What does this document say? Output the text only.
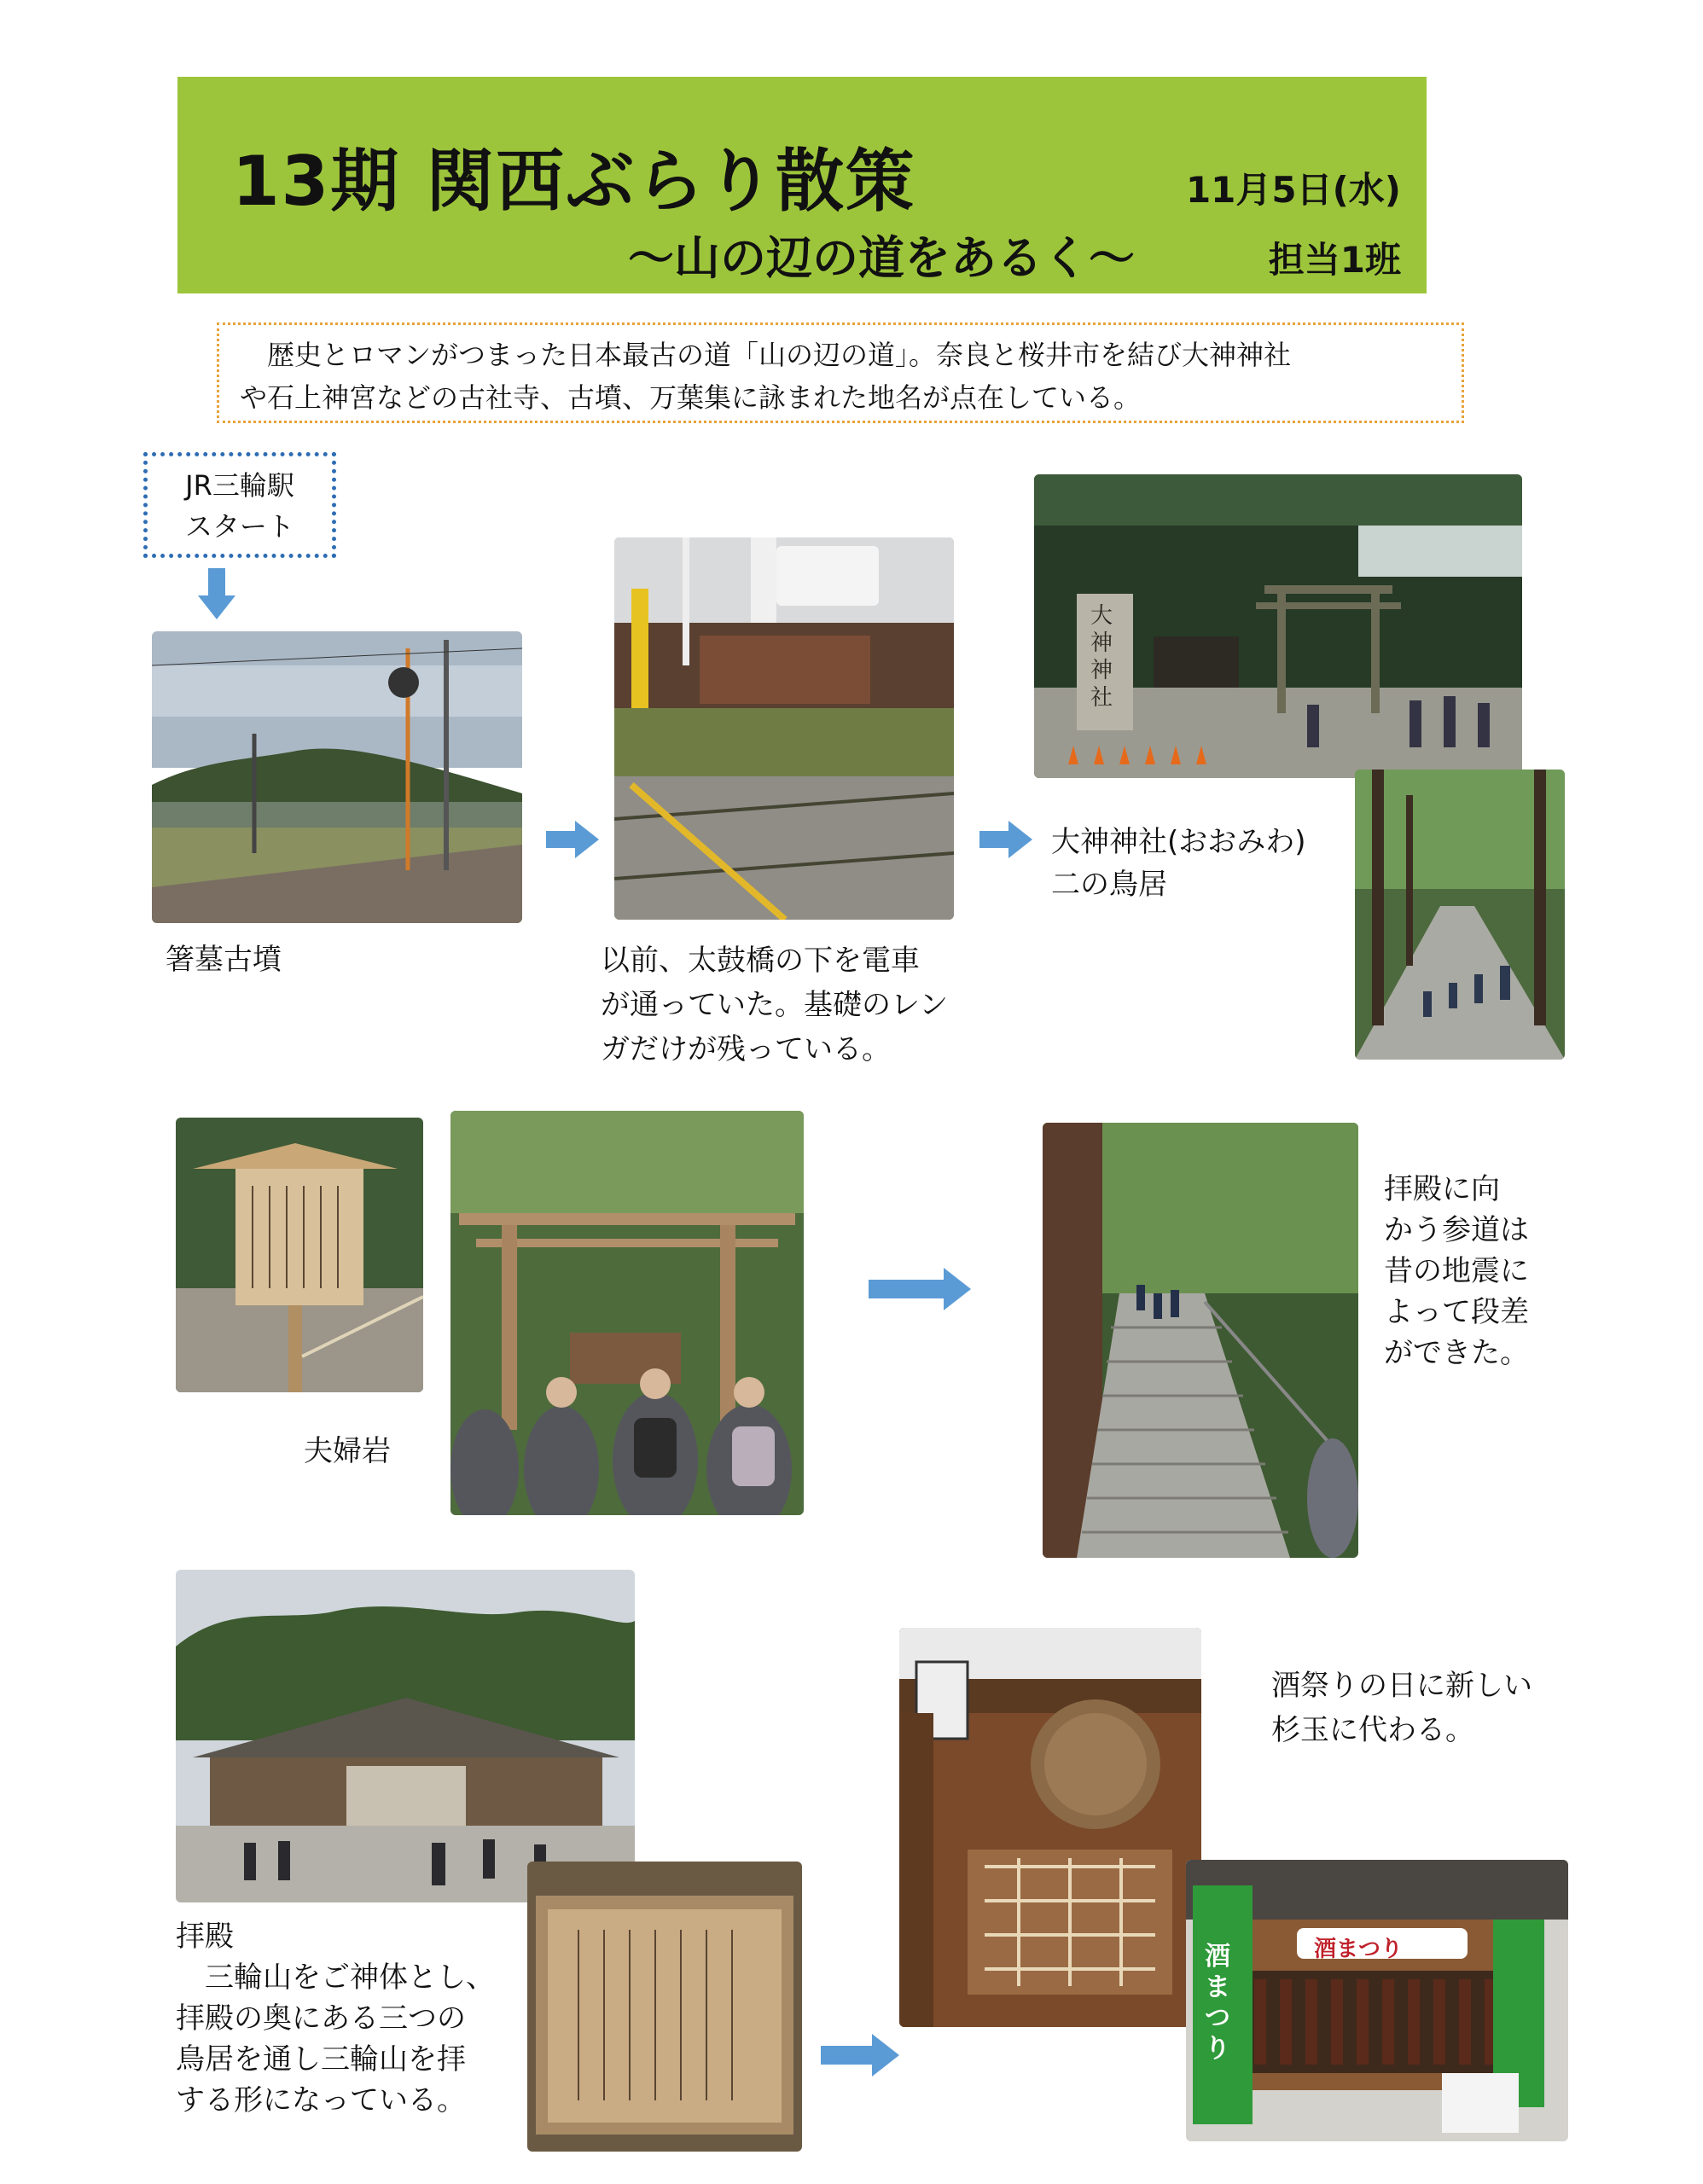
13期 関西ぶらり散策	11月5日(水)
〜山の辺の道をあるく〜	担当1班
　歴史とロマンがつまった日本最古の道「山の辺の道」。奈良と桜井市を結び大神神社
や石上神宮などの古社寺、古墳、万葉集に詠まれた地名が点在している。
JR三輪駅
スタート
大神神社
箸墓古墳	以前、太鼓橋の下を電車
が通っていた。基礎のレン
ガだけが残っている。
大神神社(おおみわ)
二の鳥居
夫婦岩
拝殿に向
かう参道は
昔の地震に
よって段差
ができた。
酒まつり
酒まつり
酒祭りの日に新しい
杉玉に代わる。
拝殿
　三輪山をご神体とし、
拝殿の奥にある三つの
鳥居を通し三輪山を拝
する形になっている。
